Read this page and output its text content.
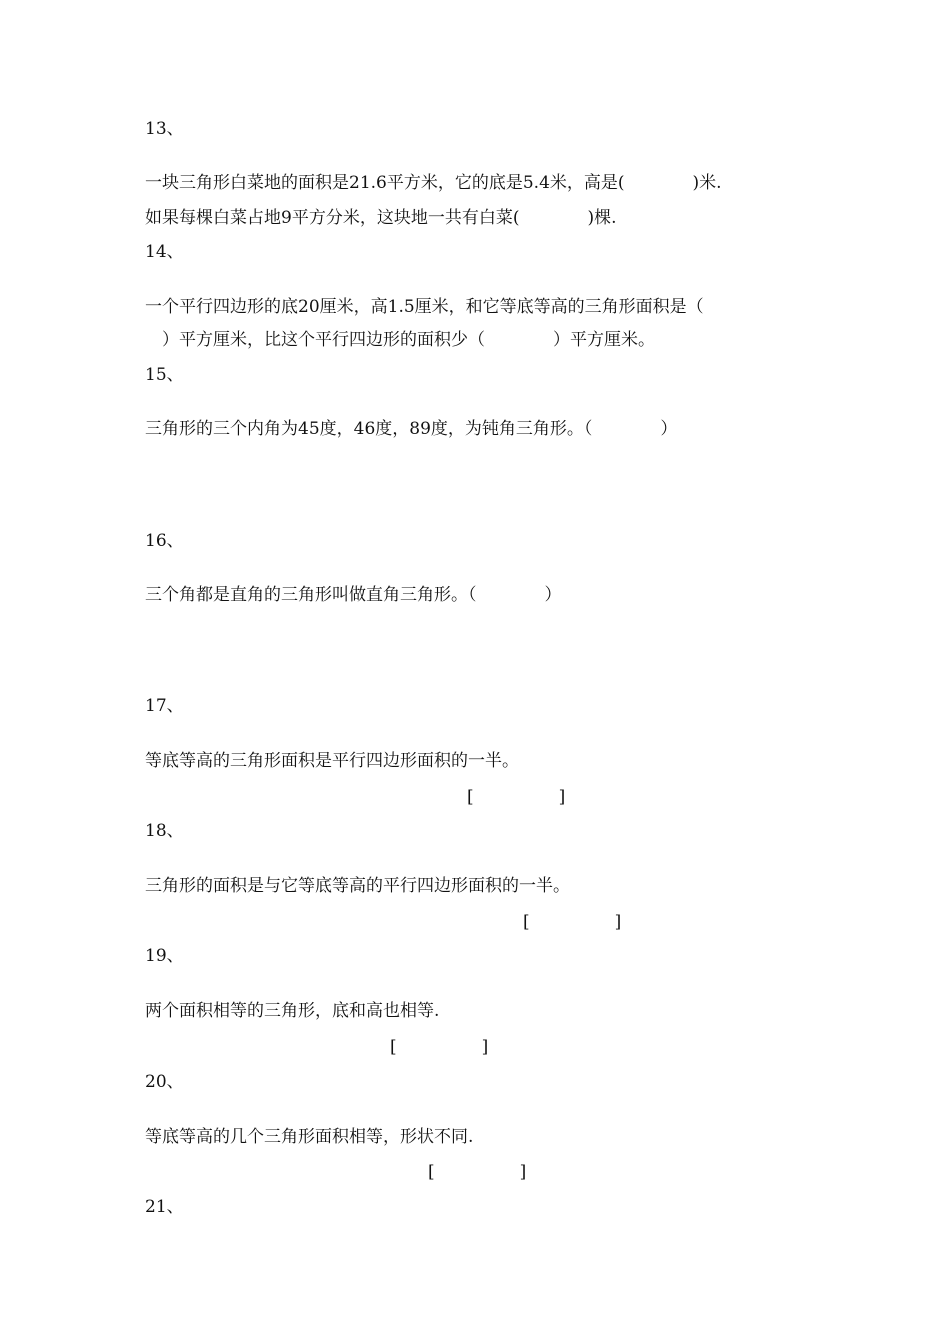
13、
一块三角形白菜地的面积是21.6平方米，它的底是5.4米，高是(　　　　)米.
如果每棵白菜占地9平方分米，这块地一共有白菜(　　　　)棵.
14、
一个平行四边形的底20厘米，高1.5厘米，和它等底等高的三角形面积是（
　）平方厘米，比这个平行四边形的面积少（　　　　）平方厘米。
15、
三角形的三个内角为45度，46度，89度，为钝角三角形。（　　　　）
16、
三个角都是直角的三角形叫做直角三角形。（　　　　）
17、
等底等高的三角形面积是平行四边形面积的一半。
[　　　　　]
18、
三角形的面积是与它等底等高的平行四边形面积的一半。
[　　　　　]
19、
两个面积相等的三角形，底和高也相等.
[　　　　　]
20、
等底等高的几个三角形面积相等，形状不同.
[　　　　　]
21、
